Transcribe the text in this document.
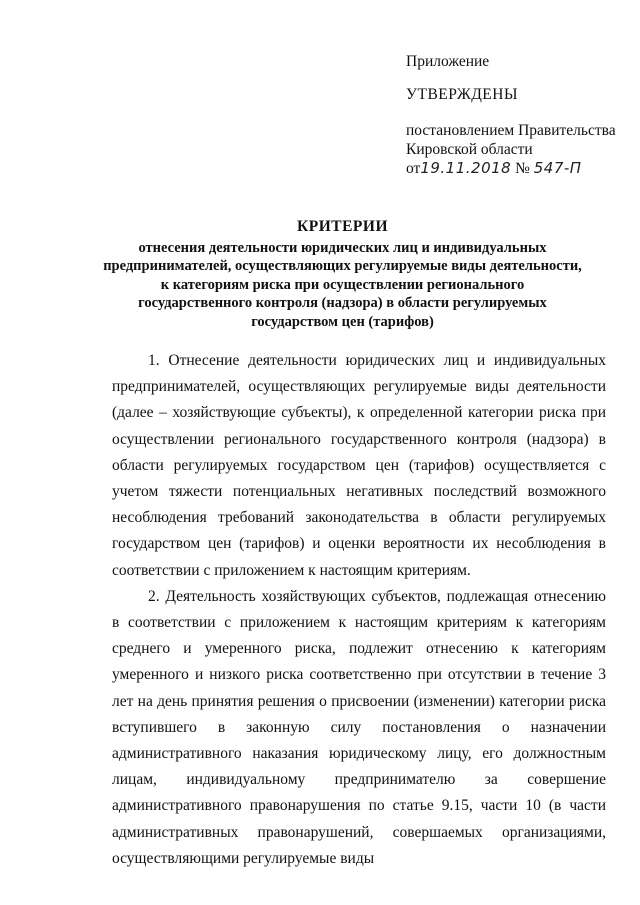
Приложение
УТВЕРЖДЕНЫ
постановлением Правительства
Кировской области
от19.11.2018 № 547-П
КРИТЕРИИ
отнесения деятельности юридических лиц и индивидуальных
предпринимателей, осуществляющих регулируемые виды деятельности,
к категориям риска при осуществлении регионального
государственного контроля (надзора) в области регулируемых
государством цен (тарифов)

1. Отнесение деятельности юридических лиц и индивидуальных предпринимателей, осуществляющих регулируемые виды деятельности (далее – хозяйствующие субъекты), к определенной категории риска при осуществлении регионального государственного контроля (надзора) в области регулируемых государством цен (тарифов) осуществляется с учетом тяжести потенциальных негативных последствий возможного несоблюдения требований законодательства в области регулируемых государством цен (тарифов) и оценки вероятности их несоблюдения в соответствии с приложением к настоящим критериям.

2. Деятельность хозяйствующих субъектов, подлежащая отнесению в соответствии с приложением к настоящим критериям к категориям среднего и умеренного риска, подлежит отнесению к категориям умеренного и низкого риска соответственно при отсутствии в течение 3 лет на день принятия решения о присвоении (изменении) категории риска вступившего в законную силу постановления о назначении административного наказания юридическому лицу, его должностным лицам, индивидуальному предпринимателю за совершение административного правонарушения по статье 9.15, части 10 (в части административных правонарушений, совершаемых организациями, осуществляющими регулируемые виды
